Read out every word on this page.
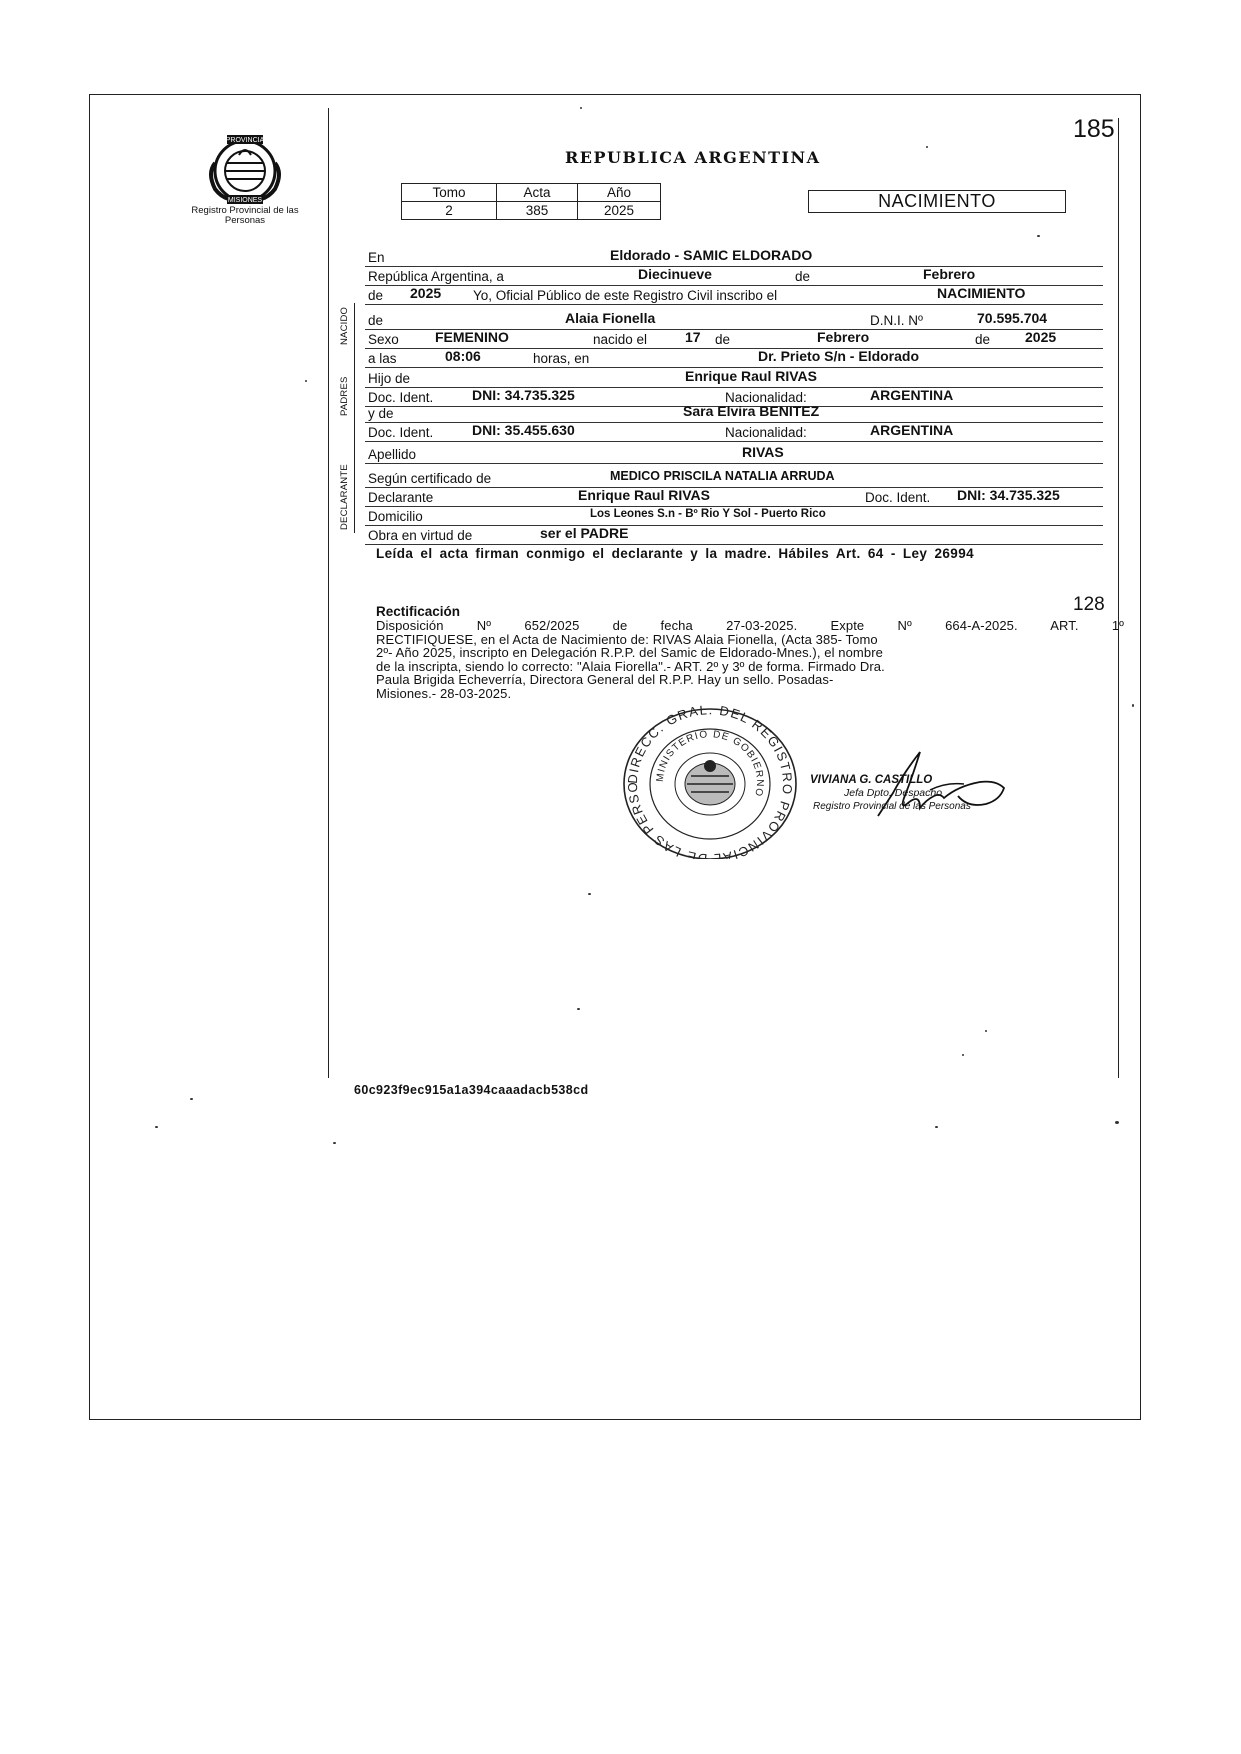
185
PROVINCIA
MISIONES
Registro Provincial de las Personas
REPUBLICA ARGENTINA
Tomo	Acta	Año
2	385	2025	NACIMIENTO
NACIDO
PADRES
DECLARANTE
En	Eldorado - SAMIC ELDORADO
República Argentina, a	Diecinueve	de	Febrero
de 2025 Yo, Oficial Público de este Registro Civil inscribo el	NACIMIENTO
de	Alaia Fionella	D.N.I. Nº	70.595.704
Sexo	FEMENINO	nacido el	17 de	Febrero	de 2025
a las	08:06	horas, en	Dr. Prieto S/n - Eldorado
Hijo de	Enrique Raul RIVAS
Doc. Ident.	DNI: 34.735.325	Nacionalidad:	ARGENTINA
y de	Sara Elvira BENITEZ
Doc. Ident.	DNI: 35.455.630	Nacionalidad:	ARGENTINA
Apellido	RIVAS
Según certificado de	MEDICO PRISCILA NATALIA ARRUDA
Declarante	Enrique Raul RIVAS	Doc. Ident. DNI: 34.735.325
Domicilio	Los Leones S.n - Bº Rio Y Sol - Puerto Rico
Obra en virtud de	ser el PADRE
Leída el acta firman conmigo el declarante y la madre. Hábiles Art. 64 - Ley 26994
Rectificación	128
Disposición Nº 652/2025 de fecha 27-03-2025. Expte Nº 664-A-2025. ART. 1º
RECTIFIQUESE, en el Acta de Nacimiento de: RIVAS Alaia Fionella, (Acta 385- Tomo
2º- Año 2025, inscripto en Delegación R.P.P. del Samic de Eldorado-Mnes.), el nombre
de la inscripta, siendo lo correcto: "Alaia Fiorella".- ART. 2º y 3º de forma. Firmado Dra.
Paula Brigida Echeverría, Directora General del R.P.P. Hay un sello. Posadas-
Misiones.- 28-03-2025.
DIRECC. GRAL. DEL REGISTRO PROVINCIAL DE LAS PERSO
MINISTERIO DE GOBIERNO
VIVIANA G. CASTILLO
Jefa Dpto. Despacho
Registro Provincial de las Personas
60c923f9ec915a1a394caaadacb538cd
